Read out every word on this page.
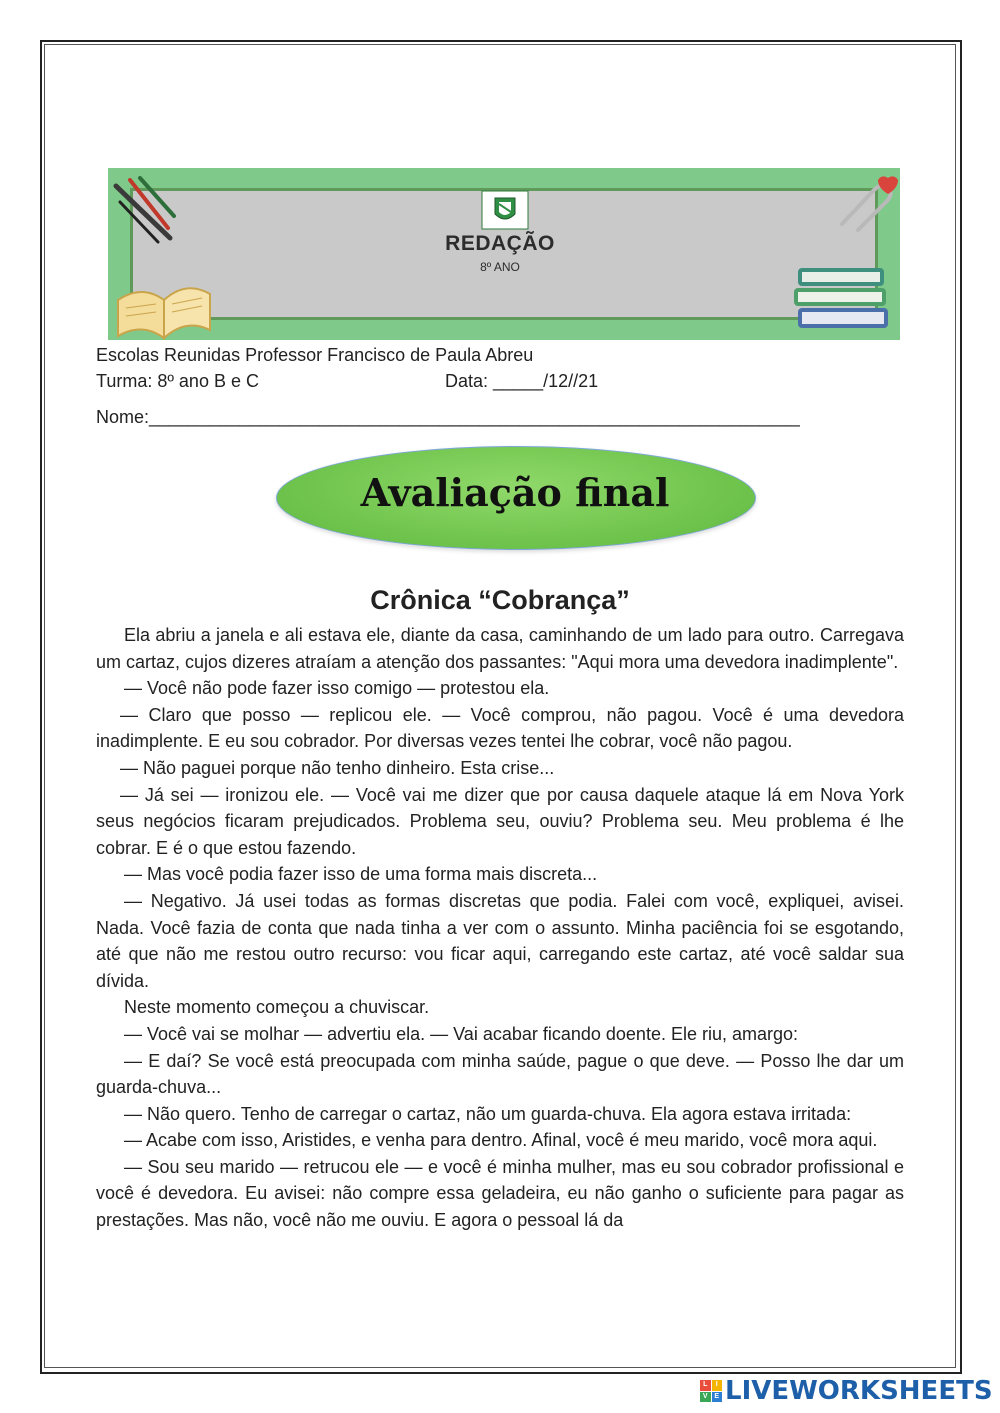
REDAÇÃO
8º ANO
Escolas Reunidas Professor Francisco de Paula Abreu
Turma: 8º ano B e C	Data: _____/12//21
Nome:_________________________________________________________________
Avaliação final
Crônica “Cobrança”

Ela abriu a janela e ali estava ele, diante da casa, caminhando de um lado para outro. Carregava um cartaz, cujos dizeres atraíam a atenção dos passantes: "Aqui mora uma devedora inadimplente".

— Você não pode fazer isso comigo — protestou ela.

— Claro que posso — replicou ele. — Você comprou, não pagou. Você é uma devedora inadimplente. E eu sou cobrador. Por diversas vezes tentei lhe cobrar, você não pagou.

— Não paguei porque não tenho dinheiro. Esta crise...

— Já sei — ironizou ele. — Você vai me dizer que por causa daquele ataque lá em Nova York seus negócios ficaram prejudicados. Problema seu, ouviu? Problema seu. Meu problema é lhe cobrar. E é o que estou fazendo.

— Mas você podia fazer isso de uma forma mais discreta...

— Negativo. Já usei todas as formas discretas que podia. Falei com você, expliquei, avisei. Nada. Você fazia de conta que nada tinha a ver com o assunto. Minha paciência foi se esgotando, até que não me restou outro recurso: vou ficar aqui, carregando este cartaz, até você saldar sua dívida.

Neste momento começou a chuviscar.

— Você vai se molhar — advertiu ela. — Vai acabar ficando doente. Ele riu, amargo:

— E daí? Se você está preocupada com minha saúde, pague o que deve. — Posso lhe dar um guarda-chuva...

— Não quero. Tenho de carregar o cartaz, não um guarda-chuva. Ela agora estava irritada:

— Acabe com isso, Aristides, e venha para dentro. Afinal, você é meu marido, você mora aqui.

— Sou seu marido — retrucou ele — e você é minha mulher, mas eu sou cobrador profissional e você é devedora. Eu avisei: não compre essa geladeira, eu não ganho o suficiente para pagar as prestações. Mas não, você não me ouviu. E agora o pessoal lá da

L	I
V E LIVEWORKSHEETS
